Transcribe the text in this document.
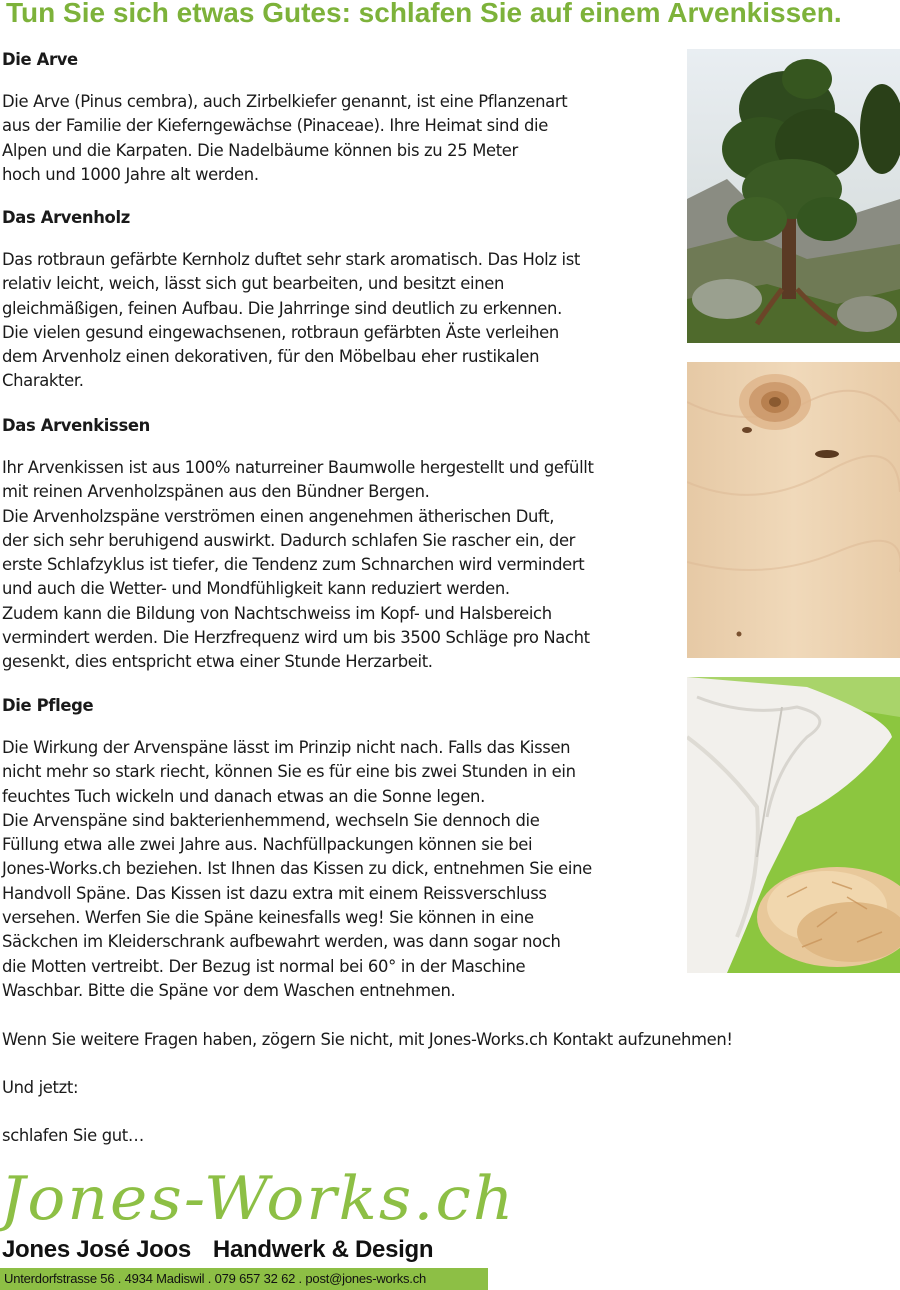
Tun Sie sich etwas Gutes: schlafen Sie auf einem Arvenkissen.
Die Arve

Die Arve (Pinus cembra), auch Zirbelkiefer genannt, ist eine Pflanzenart
aus der Familie der Kieferngewächse (Pinaceae). Ihre Heimat sind die
Alpen und die Karpaten. Die Nadelbäume können bis zu 25 Meter
hoch und 1000 Jahre alt werden.

Das Arvenholz

Das rotbraun gefärbte Kernholz duftet sehr stark aromatisch. Das Holz ist
relativ leicht, weich, lässt sich gut bearbeiten, und besitzt einen
gleichmäßigen, feinen Aufbau. Die Jahrringe sind deutlich zu erkennen.
Die vielen gesund eingewachsenen, rotbraun gefärbten Äste verleihen
dem Arvenholz einen dekorativen, für den Möbelbau eher rustikalen
Charakter.

Das Arvenkissen

Ihr Arvenkissen ist aus 100% naturreiner Baumwolle hergestellt und gefüllt
mit reinen Arvenholzspänen aus den Bündner Bergen.
Die Arvenholzspäne verströmen einen angenehmen ätherischen Duft,
der sich sehr beruhigend auswirkt. Dadurch schlafen Sie rascher ein, der
erste Schlafzyklus ist tiefer, die Tendenz zum Schnarchen wird vermindert
und auch die Wetter- und Mondfühligkeit kann reduziert werden.
Zudem kann die Bildung von Nachtschweiss im Kopf- und Halsbereich
vermindert werden. Die Herzfrequenz wird um bis 3500 Schläge pro Nacht
gesenkt, dies entspricht etwa einer Stunde Herzarbeit.

Die Pflege

Die Wirkung der Arvenspäne lässt im Prinzip nicht nach. Falls das Kissen
nicht mehr so stark riecht, können Sie es für eine bis zwei Stunden in ein
feuchtes Tuch wickeln und danach etwas an die Sonne legen.
Die Arvenspäne sind bakterienhemmend, wechseln Sie dennoch die
Füllung etwa alle zwei Jahre aus. Nachfüllpackungen können sie bei
Jones-Works.ch beziehen. Ist Ihnen das Kissen zu dick, entnehmen Sie eine
Handvoll Späne. Das Kissen ist dazu extra mit einem Reissverschluss
versehen. Werfen Sie die Späne keinesfalls weg! Sie können in eine
Säckchen im Kleiderschrank aufbewahrt werden, was dann sogar noch
die Motten vertreibt. Der Bezug ist normal bei 60° in der Maschine
Waschbar. Bitte die Späne vor dem Waschen entnehmen.

Wenn Sie weitere Fragen haben, zögern Sie nicht, mit Jones-Works.ch Kontakt aufzunehmen!

Und jetzt:

schlafen Sie gut…

Jones-Works.ch
Jones José Joos Handwerk & Design
Unterdorfstrasse 56 . 4934 Madiswil . 079 657 32 62 . post@jones-works.ch
